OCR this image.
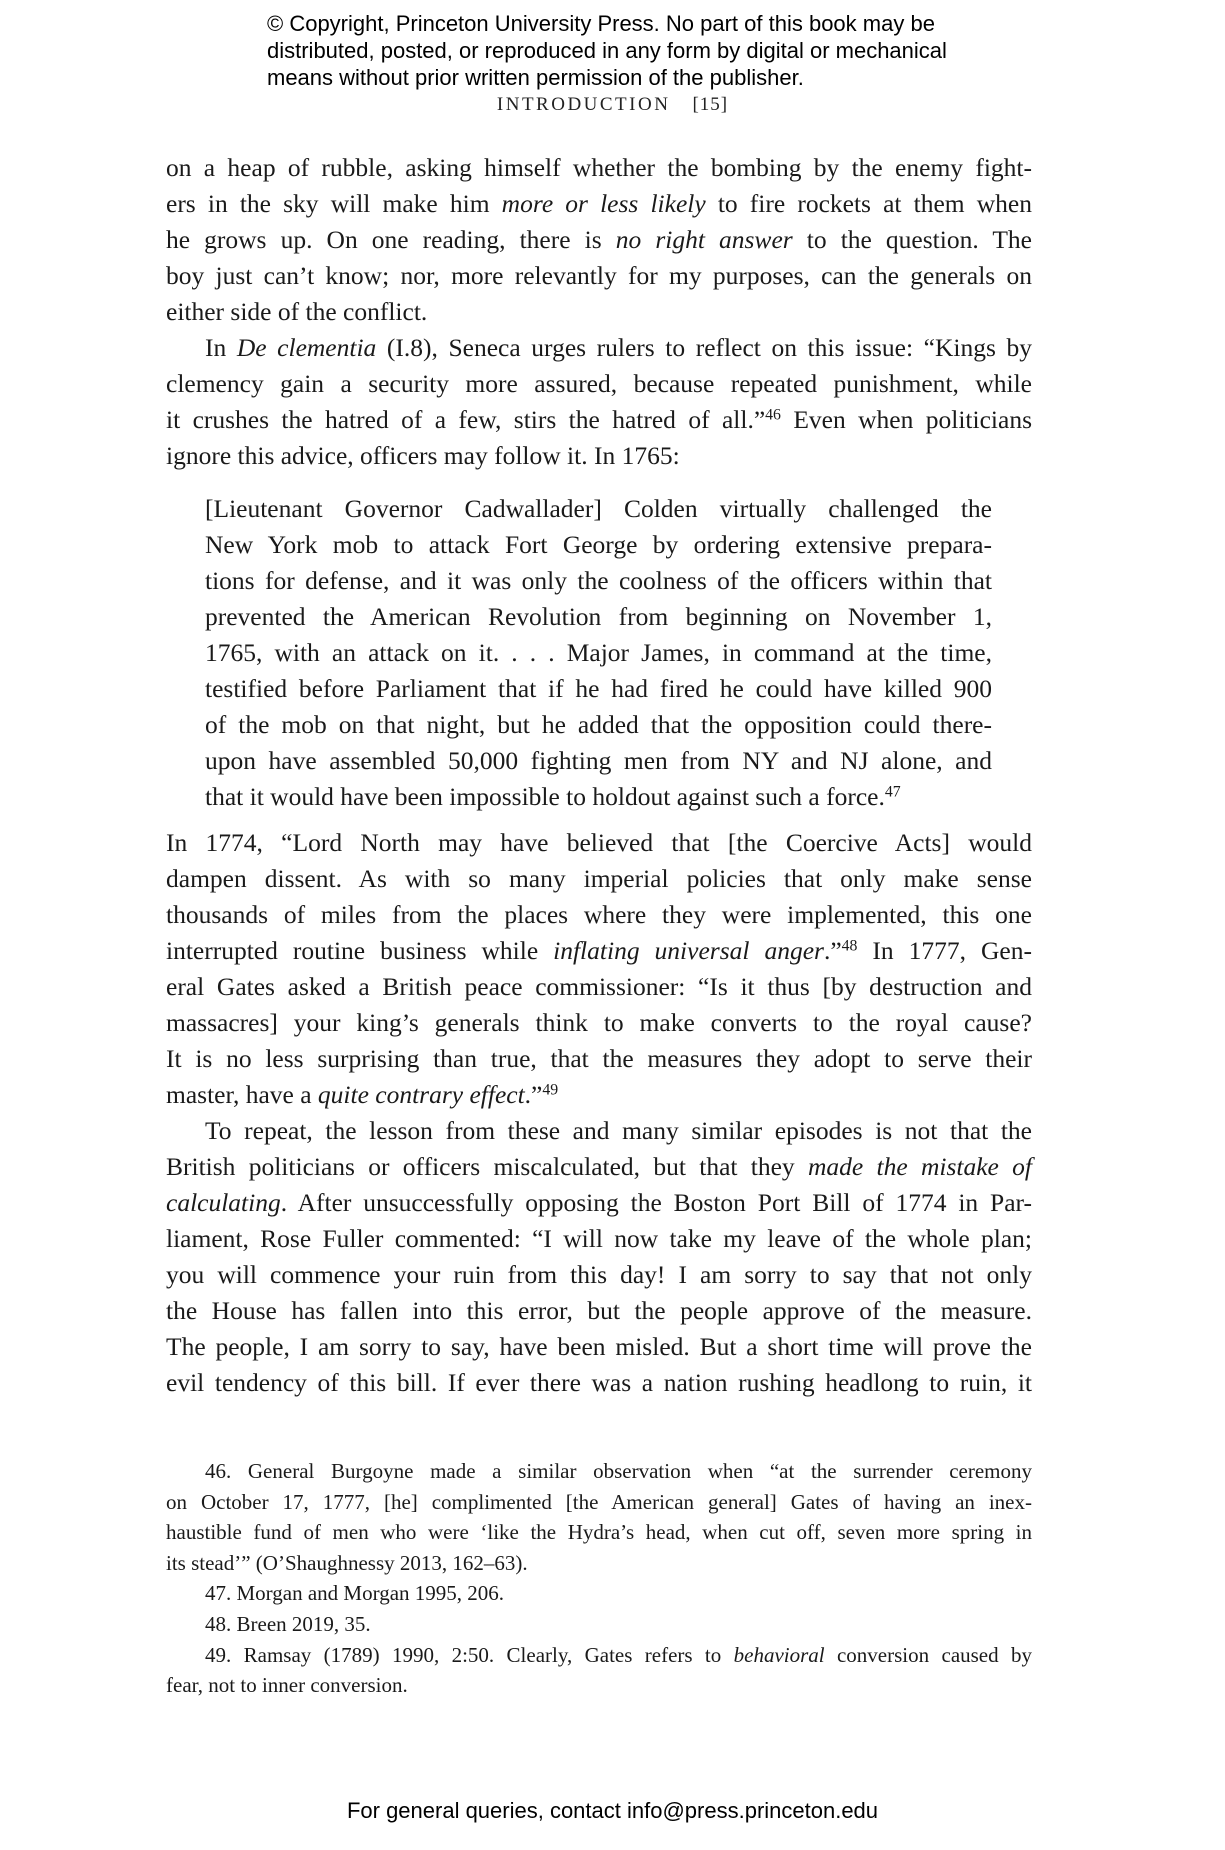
© Copyright, Princeton University Press. No part of this book may be
distributed, posted, or reproduced in any form by digital or mechanical
means without prior written permission of the publisher.
INTRODUCTION [15]
on a heap of rubble, asking himself whether the bombing by the enemy fight-
ers in the sky will make him more or less likely to fire rockets at them when
he grows up. On one reading, there is no right answer to the question. The
boy just can’t know; nor, more relevantly for my purposes, can the generals on
either side of the conflict.
In De clementia (I.8), Seneca urges rulers to reflect on this issue: “Kings by
clemency gain a security more assured, because repeated punishment, while
it crushes the hatred of a few, stirs the hatred of all.”$^{46}$ Even when politicians
ignore this advice, officers may follow it. In 1765:
[Lieutenant Governor Cadwallader] Colden virtually challenged the
New York mob to attack Fort George by ordering extensive prepara-
tions for defense, and it was only the coolness of the officers within that
prevented the American Revolution from beginning on November 1,
1765, with an attack on it. . . . Major James, in command at the time,
testified before Parliament that if he had fired he could have killed 900
of the mob on that night, but he added that the opposition could there-
upon have assembled 50,000 fighting men from NY and NJ alone, and
that it would have been impossible to holdout against such a force.$^{47}$
In 1774, “Lord North may have believed that [the Coercive Acts] would
dampen dissent. As with so many imperial policies that only make sense
thousands of miles from the places where they were implemented, this one
interrupted routine business while inflating universal anger.”$^{48}$ In 1777, Gen-
eral Gates asked a British peace commissioner: “Is it thus [by destruction and
massacres] your king’s generals think to make converts to the royal cause?
It is no less surprising than true, that the measures they adopt to serve their
master, have a quite contrary effect.”$^{49}$
To repeat, the lesson from these and many similar episodes is not that the
British politicians or officers miscalculated, but that they made the mistake of
calculating. After unsuccessfully opposing the Boston Port Bill of 1774 in Par-
liament, Rose Fuller commented: “I will now take my leave of the whole plan;
you will commence your ruin from this day! I am sorry to say that not only
the House has fallen into this error, but the people approve of the measure.
The people, I am sorry to say, have been misled. But a short time will prove the
evil tendency of this bill. If ever there was a nation rushing headlong to ruin, it
46. General Burgoyne made a similar observation when “at the surrender ceremony
on October 17, 1777, [he] complimented [the American general] Gates of having an inex-
haustible fund of men who were ‘like the Hydra’s head, when cut off, seven more spring in
its stead’” (O’Shaughnessy 2013, 162–63).
47. Morgan and Morgan 1995, 206.
48. Breen 2019, 35.
49. Ramsay (1789) 1990, 2:50. Clearly, Gates refers to behavioral conversion caused by
fear, not to inner conversion.
For general queries, contact info@press.princeton.edu
